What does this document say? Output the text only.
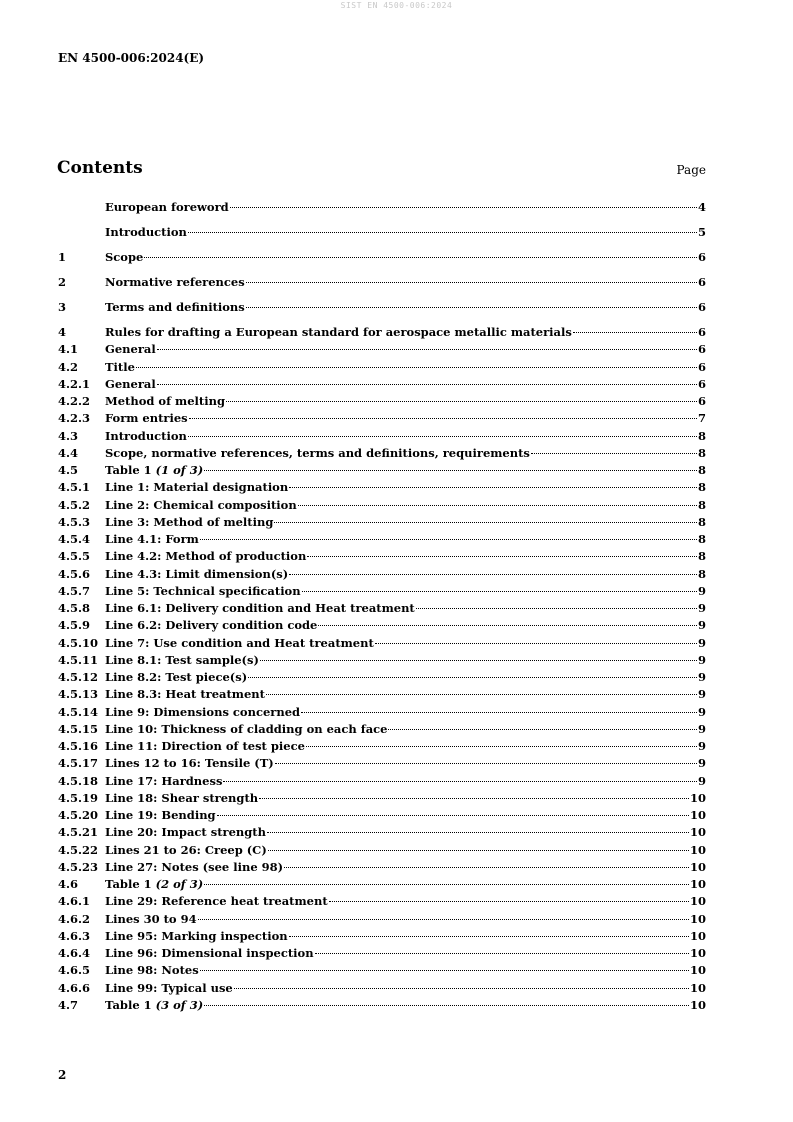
SIST EN 4500-006:2024
EN 4500-006:2024(E)
Contents	Page
European foreword	4
Introduction	5
1	Scope	6
2	Normative references	6
3	Terms and definitions	6
4	Rules for drafting a European standard for aerospace metallic materials	6
4.1	General	6
4.2	Title	6
4.2.1	General	6
4.2.2	Method of melting	6
4.2.3	Form entries	7
4.3	Introduction	8
4.4	Scope, normative references, terms and definitions, requirements	8
4.5	Table 1 (1 of 3)	8
4.5.1	Line 1: Material designation	8
4.5.2	Line 2: Chemical composition	8
4.5.3	Line 3: Method of melting	8
4.5.4	Line 4.1: Form	8
4.5.5	Line 4.2: Method of production	8
4.5.6	Line 4.3: Limit dimension(s)	8
4.5.7	Line 5: Technical specification	9
4.5.8	Line 6.1: Delivery condition and Heat treatment	9
4.5.9	Line 6.2: Delivery condition code	9
4.5.10 Line 7: Use condition and Heat treatment	9
4.5.11 Line 8.1: Test sample(s)	9
4.5.12 Line 8.2: Test piece(s)	9
4.5.13 Line 8.3: Heat treatment	9
4.5.14 Line 9: Dimensions concerned	9
4.5.15 Line 10: Thickness of cladding on each face	9
4.5.16 Line 11: Direction of test piece	9
4.5.17 Lines 12 to 16: Tensile (T)	9
4.5.18 Line 17: Hardness	9
4.5.19 Line 18: Shear strength	10
4.5.20 Line 19: Bending	10
4.5.21 Line 20: Impact strength	10
4.5.22 Lines 21 to 26: Creep (C)	10
4.5.23 Line 27: Notes (see line 98)	10
4.6	Table 1 (2 of 3)	10
4.6.1	Line 29: Reference heat treatment	10
4.6.2	Lines 30 to 94	10
4.6.3	Line 95: Marking inspection	10
4.6.4	Line 96: Dimensional inspection	10
4.6.5	Line 98: Notes	10
4.6.6	Line 99: Typical use	10
4.7	Table 1 (3 of 3)	10
2
